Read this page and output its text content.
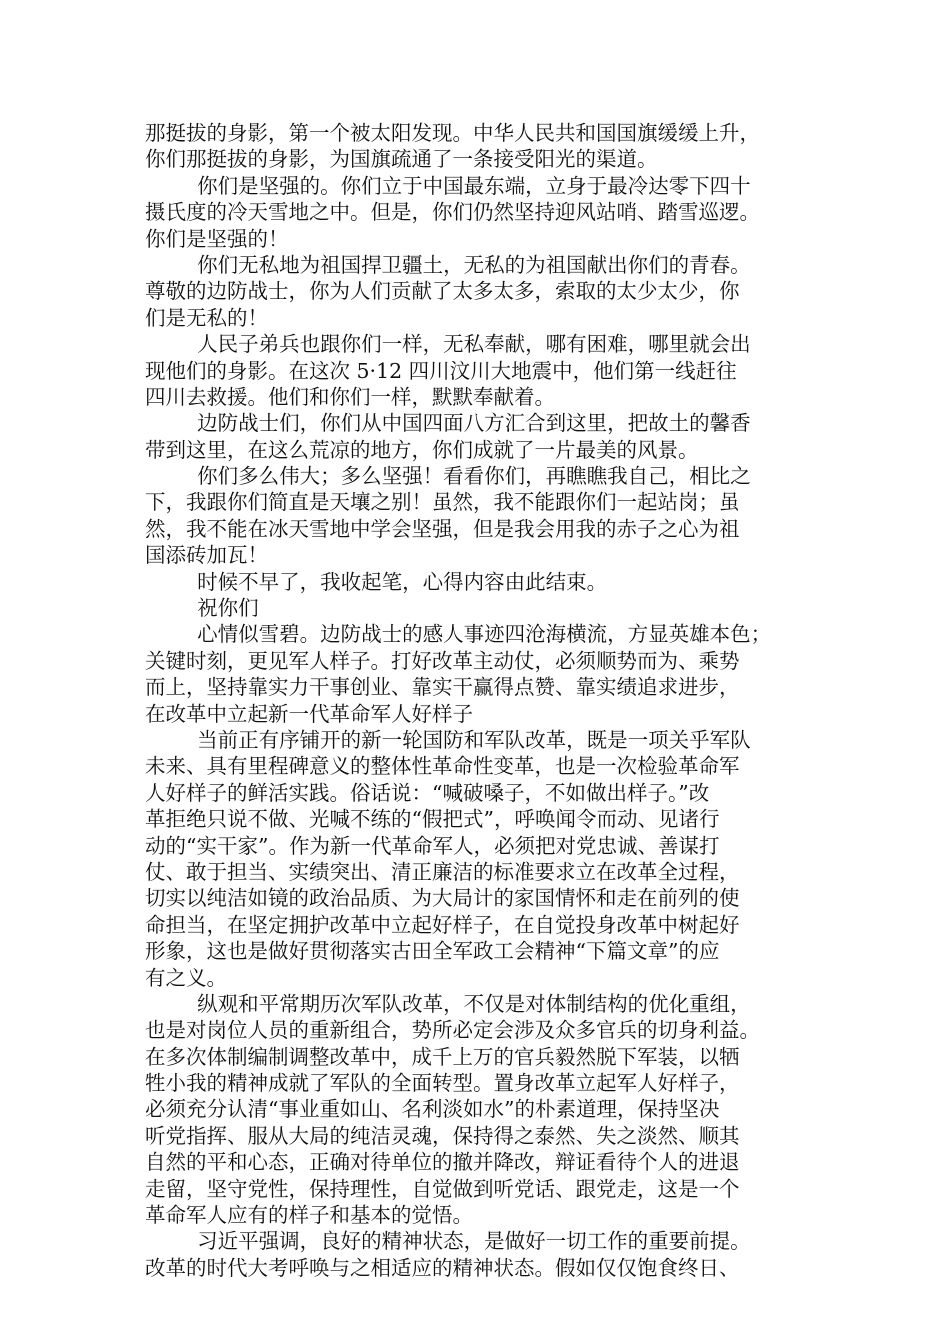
那挺拔的身影，第一个被太阳发现。中华人民共和国国旗缓缓上升，
你们那挺拔的身影，为国旗疏通了一条接受阳光的渠道。
你们是坚强的。你们立于中国最东端，立身于最冷达零下四十
摄氏度的冷天雪地之中。但是，你们仍然坚持迎风站哨、踏雪巡逻。
你们是坚强的！
你们无私地为祖国捍卫疆土，无私的为祖国献出你们的青春。
尊敬的边防战士，你为人们贡献了太多太多，索取的太少太少，你
们是无私的！
人民子弟兵也跟你们一样，无私奉献，哪有困难，哪里就会出
现他们的身影。在这次 5·12 四川汶川大地震中，他们第一线赶往
四川去救援。他们和你们一样，默默奉献着。
边防战士们，你们从中国四面八方汇合到这里，把故土的馨香
带到这里，在这么荒凉的地方，你们成就了一片最美的风景。
你们多么伟大；多么坚强！看看你们，再瞧瞧我自己，相比之
下，我跟你们简直是天壤之别！虽然，我不能跟你们一起站岗；虽
然，我不能在冰天雪地中学会坚强，但是我会用我的赤子之心为祖
国添砖加瓦！
时候不早了，我收起笔，心得内容由此结束。
祝你们
心情似雪碧。边防战士的感人事迹四沧海横流，方显英雄本色；
关键时刻，更见军人样子。打好改革主动仗，必须顺势而为、乘势
而上，坚持靠实力干事创业、靠实干赢得点赞、靠实绩追求进步，
在改革中立起新一代革命军人好样子
当前正有序铺开的新一轮国防和军队改革，既是一项关乎军队
未来、具有里程碑意义的整体性革命性变革，也是一次检验革命军
人好样子的鲜活实践。俗话说：“喊破嗓子，不如做出样子。”改
革拒绝只说不做、光喊不练的“假把式”，呼唤闻令而动、见诸行
动的“实干家”。作为新一代革命军人，必须把对党忠诚、善谋打
仗、敢于担当、实绩突出、清正廉洁的标准要求立在改革全过程，
切实以纯洁如镜的政治品质、为大局计的家国情怀和走在前列的使
命担当，在坚定拥护改革中立起好样子，在自觉投身改革中树起好
形象，这也是做好贯彻落实古田全军政工会精神“下篇文章”的应
有之义。
纵观和平常期历次军队改革，不仅是对体制结构的优化重组，
也是对岗位人员的重新组合，势所必定会涉及众多官兵的切身利益。
在多次体制编制调整改革中，成千上万的官兵毅然脱下军装，以牺
牲小我的精神成就了军队的全面转型。置身改革立起军人好样子，
必须充分认清“事业重如山、名利淡如水”的朴素道理，保持坚决
听党指挥、服从大局的纯洁灵魂，保持得之泰然、失之淡然、顺其
自然的平和心态，正确对待单位的撤并降改，辩证看待个人的进退
走留，坚守党性，保持理性，自觉做到听党话、跟党走，这是一个
革命军人应有的样子和基本的觉悟。
习近平强调，良好的精神状态，是做好一切工作的重要前提。
改革的时代大考呼唤与之相适应的精神状态。假如仅仅饱食终日、
